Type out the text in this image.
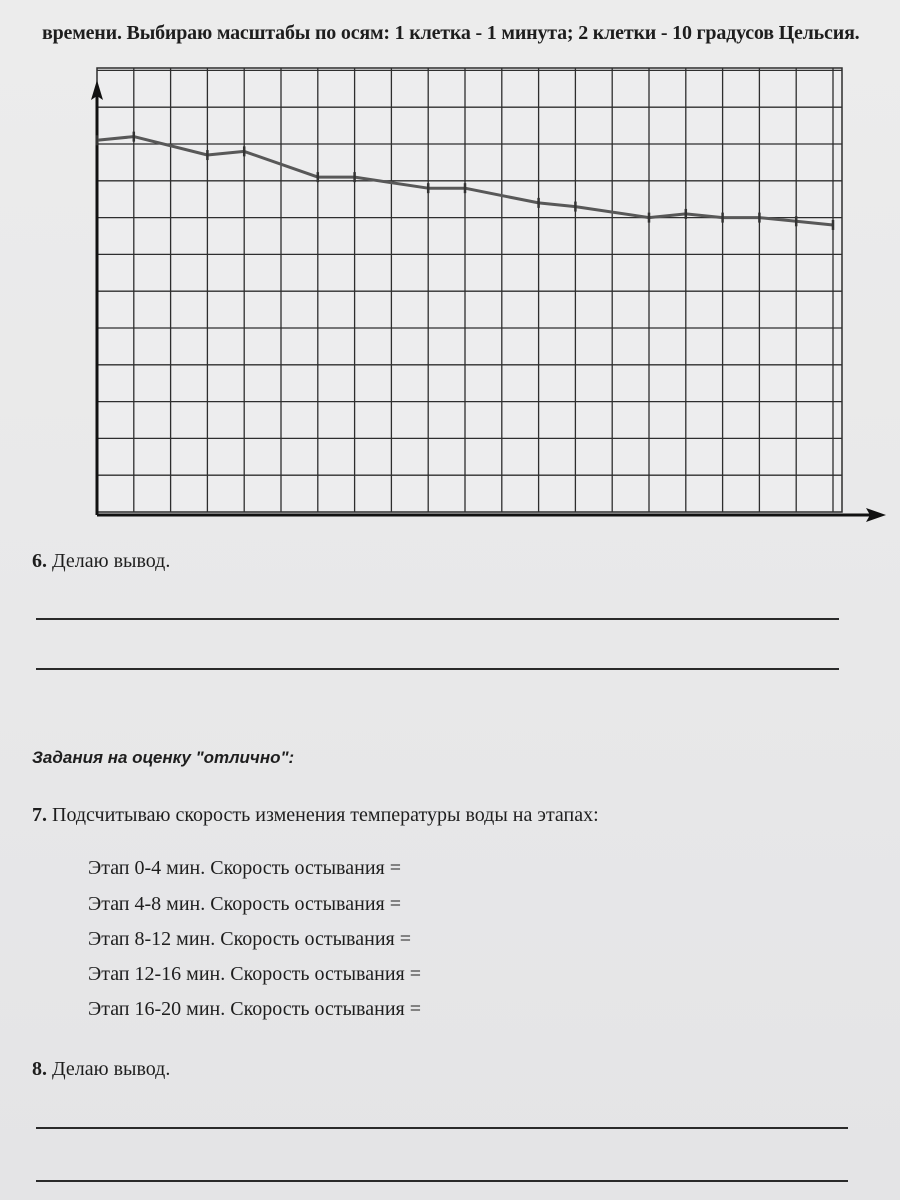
времени. Выбираю масштабы по осям: 1 клетка - 1 минута; 2 клетки - 10 градусов Цельсия.
6. Делаю вывод.
Задания на оценку "отлично":
7. Подсчитываю скорость изменения температуры воды на этапах:
Этап 0-4 мин. Скорость остывания =
Этап 4-8 мин. Скорость остывания =
Этап 8-12 мин. Скорость остывания =
Этап 12-16 мин. Скорость остывания =
Этап 16-20 мин. Скорость остывания =
8. Делаю вывод.
